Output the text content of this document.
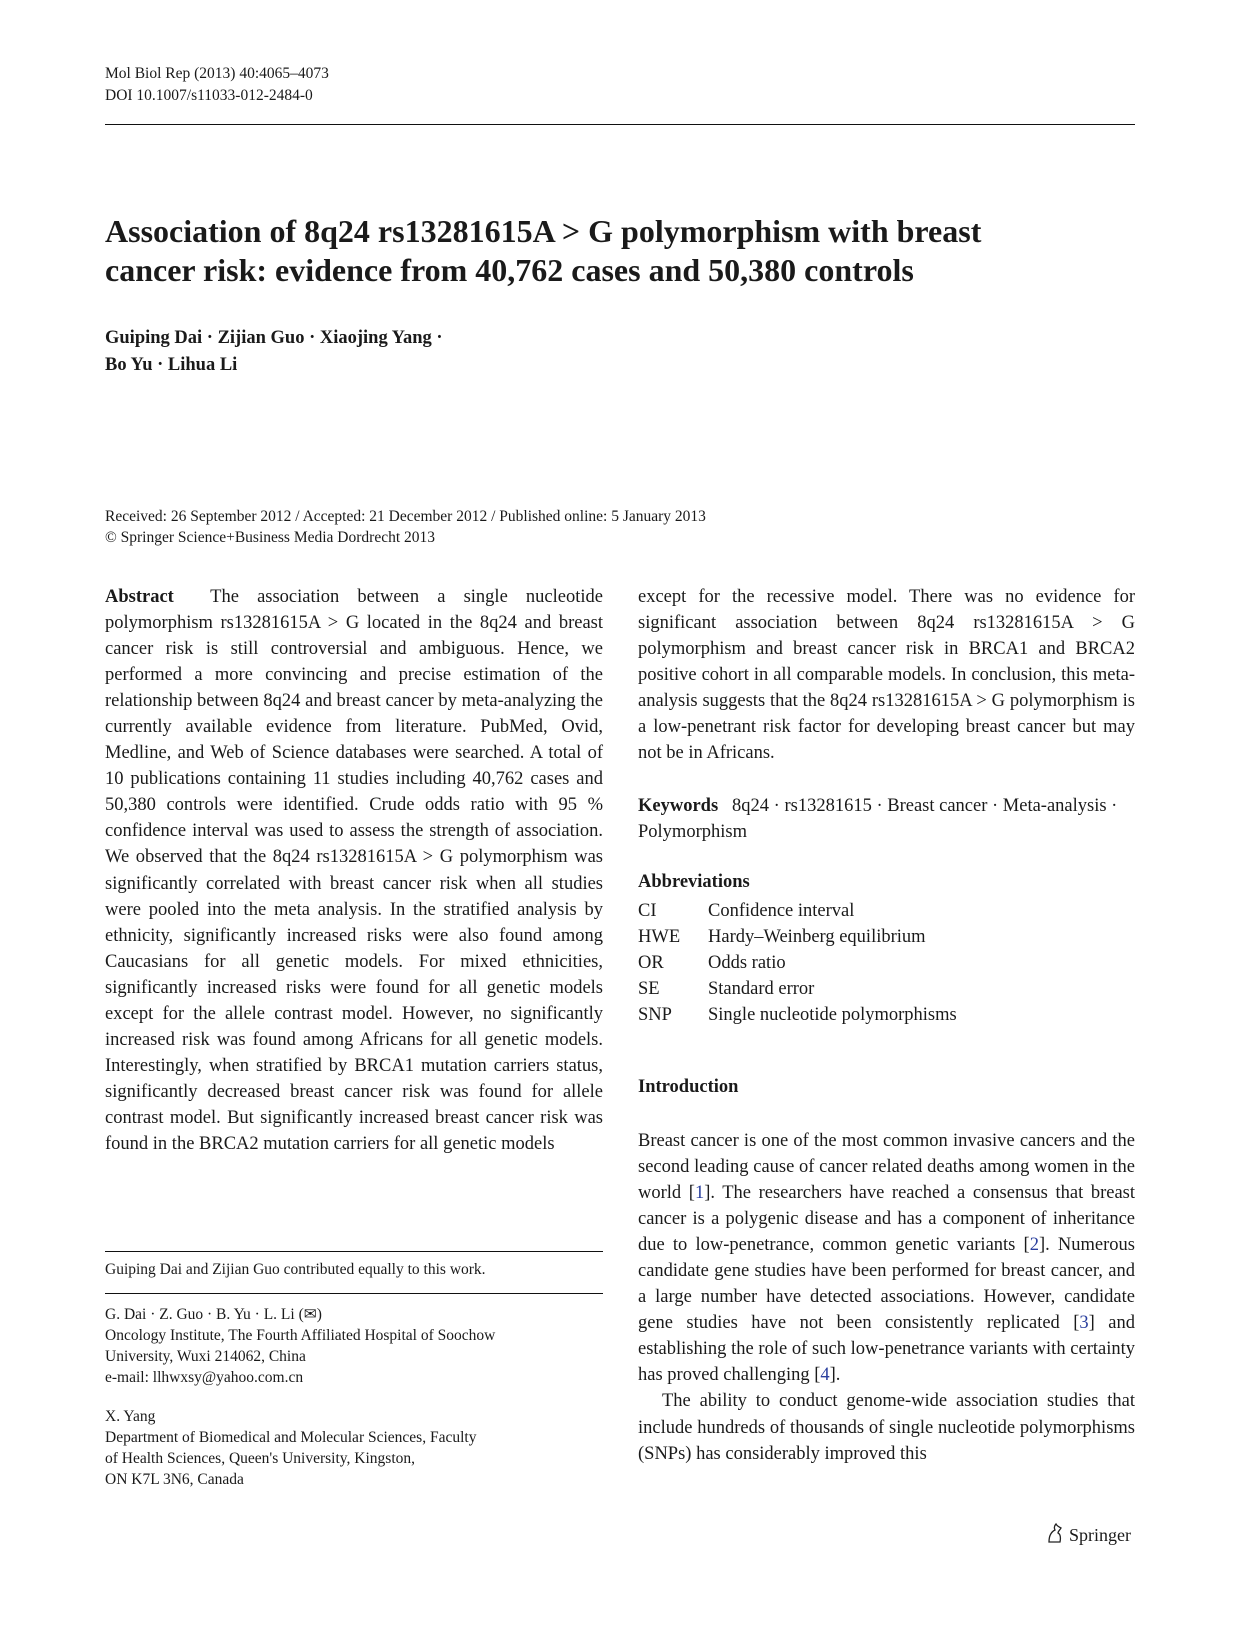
Mol Biol Rep (2013) 40:4065–4073
DOI 10.1007/s11033-012-2484-0
Association of 8q24 rs13281615A > G polymorphism with breast
cancer risk: evidence from 40,762 cases and 50,380 controls
Guiping Dai · Zijian Guo · Xiaojing Yang ·
Bo Yu · Lihua Li
Received: 26 September 2012 / Accepted: 21 December 2012 / Published online: 5 January 2013
© Springer Science+Business Media Dordrecht 2013
Abstract The association between a single nucleotide polymorphism rs13281615A > G located in the 8q24 and breast cancer risk is still controversial and ambiguous. Hence, we performed a more convincing and precise estimation of the relationship between 8q24 and breast cancer by meta-analyzing the currently available evidence from literature. PubMed, Ovid, Medline, and Web of Science databases were searched. A total of 10 publications containing 11 studies including 40,762 cases and 50,380 controls were identified. Crude odds ratio with 95 % confidence interval was used to assess the strength of association. We observed that the 8q24 rs13281615A > G polymorphism was significantly correlated with breast cancer risk when all studies were pooled into the meta analysis. In the stratified analysis by ethnicity, significantly increased risks were also found among Caucasians for all genetic models. For mixed ethnicities, significantly increased risks were found for all genetic models except for the allele contrast model. However, no significantly increased risk was found among Africans for all genetic models. Interestingly, when stratified by BRCA1 mutation carriers status, significantly decreased breast cancer risk was found for allele contrast model. But significantly increased breast cancer risk was found in the BRCA2 mutation carriers for all genetic models
except for the recessive model. There was no evidence for significant association between 8q24 rs13281615A > G polymorphism and breast cancer risk in BRCA1 and BRCA2 positive cohort in all comparable models. In conclusion, this meta-analysis suggests that the 8q24 rs13281615A > G polymorphism is a low-penetrant risk factor for developing breast cancer but may not be in Africans.
Keywords 8q24 · rs13281615 · Breast cancer · Meta-analysis · Polymorphism
Abbreviations
CI	Confidence interval
HWE Hardy–Weinberg equilibrium
OR Odds ratio
SE	Standard error
SNP Single nucleotide polymorphisms
Introduction
Breast cancer is one of the most common invasive cancers and the second leading cause of cancer related deaths among women in the world [1]. The researchers have reached a consensus that breast cancer is a polygenic disease and has a component of inheritance due to low-penetrance, common genetic variants [2]. Numerous candidate gene studies have been performed for breast cancer, and a large number have detected associations. However, candidate gene studies have not been consistently replicated [3] and establishing the role of such low-penetrance variants with certainty has proved challenging [4].
The ability to conduct genome-wide association studies that include hundreds of thousands of single nucleotide polymorphisms (SNPs) has considerably improved this
Guiping Dai and Zijian Guo contributed equally to this work.
G. Dai · Z. Guo · B. Yu · L. Li (✉)
Oncology Institute, The Fourth Affiliated Hospital of Soochow
University, Wuxi 214062, China
e-mail: llhwxsy@yahoo.com.cn
X. Yang
Department of Biomedical and Molecular Sciences, Faculty
of Health Sciences, Queen's University, Kingston,
ON K7L 3N6, Canada
Springer
